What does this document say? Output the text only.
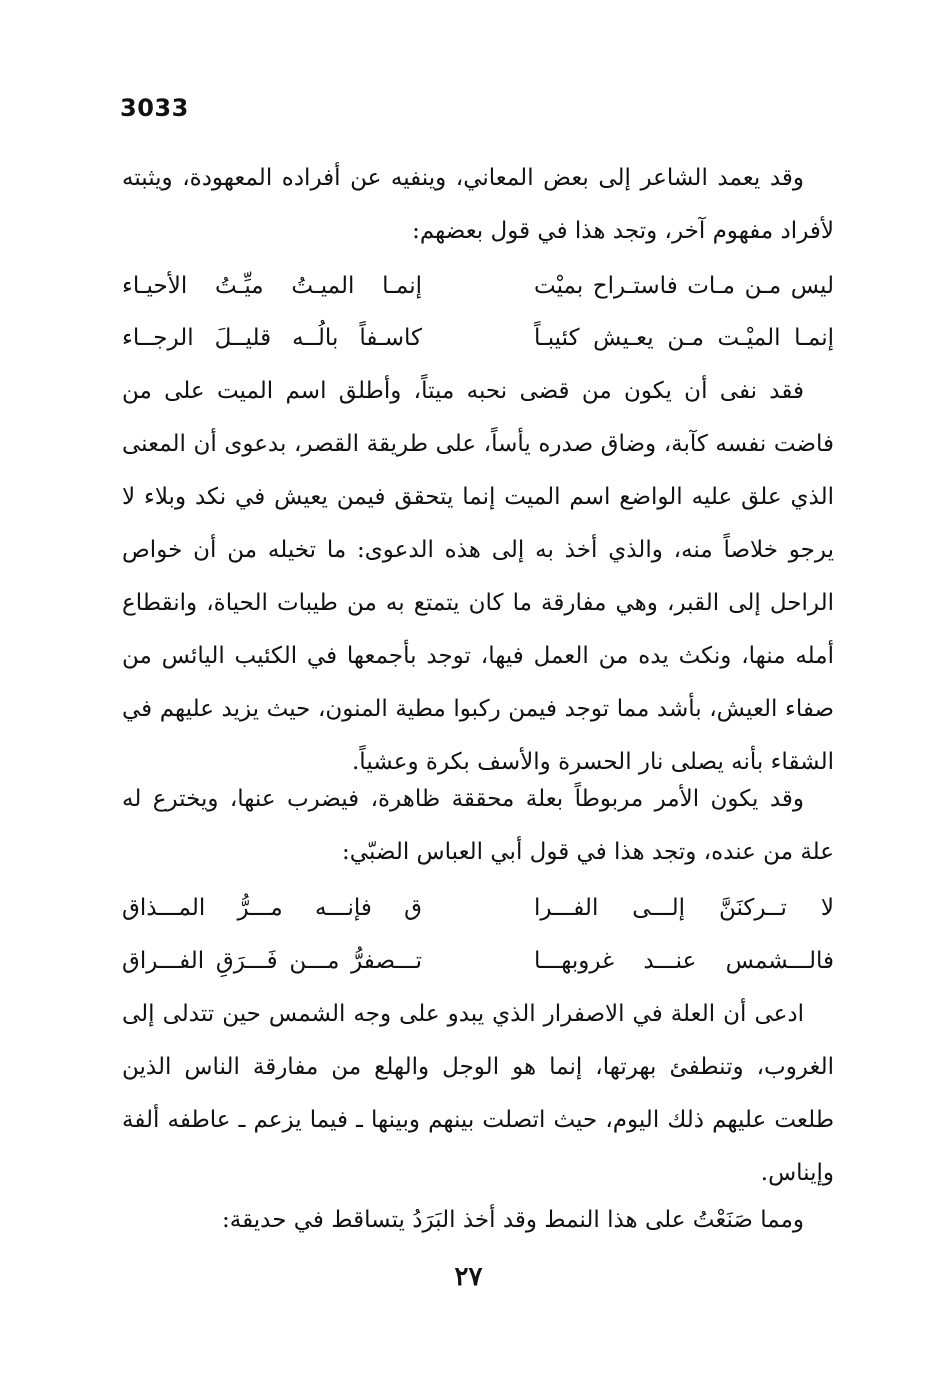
3033

وقد يعمد الشاعر إلى بعض المعاني، وينفيه عن أفراده المعهودة، ويثبته لأفراد مفهوم آخر، وتجد هذا في قول بعضهم:

ليس مـن مـات فاستـراح بميْت
إنمـا الميـتُ ميِّـتُ الأحيـاء
إنمـا الميْـت مـن يعـيش كئيبـاً
كاسـفاً بالُــه قليــلَ الرجــاء

فقد نفى أن يكون من قضى نحبه ميتاً، وأطلق اسم الميت على من فاضت نفسه كآبة، وضاق صدره يأساً، على طريقة القصر، بدعوى أن المعنى الذي علق عليه الواضع اسم الميت إنما يتحقق فيمن يعيش في نكد وبلاء لا يرجو خلاصاً منه، والذي أخذ به إلى هذه الدعوى: ما تخيله من أن خواص الراحل إلى القبر، وهي مفارقة ما كان يتمتع به من طيبات الحياة، وانقطاع أمله منها، ونكث يده من العمل فيها، توجد بأجمعها في الكئيب اليائس من صفاء العيش، بأشد مما توجد فيمن ركبوا مطية المنون، حيث يزيد عليهم في الشقاء بأنه يصلى نار الحسرة والأسف بكرة وعشياً.

وقد يكون الأمر مربوطاً بعلة محققة ظاهرة، فيضرب عنها، ويخترع له علة من عنده، وتجد هذا في قول أبي العباس الضبّي:

لا تــركنَنَّ إلـــى الفـــرا
ق فإنـــه مـــرُّ المـــذاق
فالـــشمس عنـــد غروبهـــا
تـــصفرُّ مـــن فَـــرَقِ الفـــراق

ادعى أن العلة في الاصفرار الذي يبدو على وجه الشمس حين تتدلى إلى الغروب، وتنطفئ بهرتها، إنما هو الوجل والهلع من مفارقة الناس الذين طلعت عليهم ذلك اليوم، حيث اتصلت بينهم وبينها ـ فيما يزعم ـ عاطفه ألفة وإيناس.

ومما صَنَعْتُ على هذا النمط وقد أخذ البَرَدُ يتساقط في حديقة:

٢٧
